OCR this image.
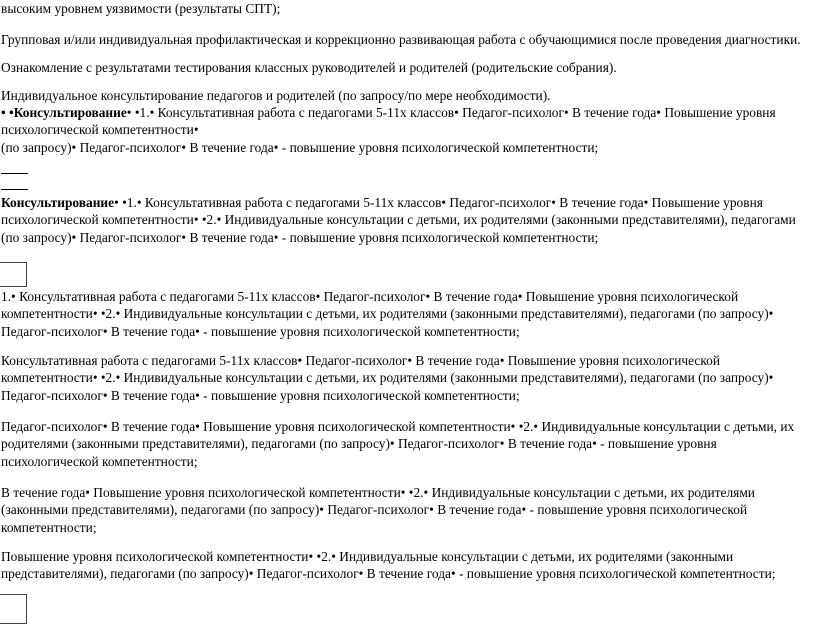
высоким уровнем уязвимости (результаты СПТ);

Групповая и/или индивидуальная профилактическая и коррекционно развивающая работа с обучающимися после проведения диагностики.

Ознакомление с результатами тестирования классных руководителей и родителей (родительские собрания).

Индивидуальное консультирование педагогов и родителей (по запросу/по мере необходимости).

• •Консультирование• •1.• Консультативная работа с педагогами 5-11х классов• Педагог-психолог• В течение года• Повышение уровня психологической компетентности•

(по запросу)• Педагог-психолог• В течение года• - повышение уровня психологической компетентности;

Консультирование• •1.• Консультативная работа с педагогами 5-11х классов• Педагог-психолог• В течение года• Повышение уровня психологической компетентности• •2.• Индивидуальные консультации с детьми, их родителями (законными представителями), педагогами (по запросу)• Педагог-психолог• В течение года• - повышение уровня психологической компетентности;

1.• Консультативная работа с педагогами 5-11х классов• Педагог-психолог• В течение года• Повышение уровня психологической компетентности• •2.• Индивидуальные консультации с детьми, их родителями (законными представителями), педагогами (по запросу)• Педагог-психолог• В течение года• - повышение уровня психологической компетентности;

Консультативная работа с педагогами 5-11х классов• Педагог-психолог• В течение года• Повышение уровня психологической компетентности• •2.• Индивидуальные консультации с детьми, их родителями (законными представителями), педагогами (по запросу)• Педагог-психолог• В течение года• - повышение уровня психологической компетентности;

Педагог-психолог• В течение года• Повышение уровня психологической компетентности• •2.• Индивидуальные консультации с детьми, их родителями (законными представителями), педагогами (по запросу)• Педагог-психолог• В течение года• - повышение уровня психологической компетентности;

В течение года• Повышение уровня психологической компетентности• •2.• Индивидуальные консультации с детьми, их родителями (законными представителями), педагогами (по запросу)• Педагог-психолог• В течение года• - повышение уровня психологической компетентности;

Повышение уровня психологической компетентности• •2.• Индивидуальные консультации с детьми, их родителями (законными представителями), педагогами (по запросу)• Педагог-психолог• В течение года• - повышение уровня психологической компетентности;
